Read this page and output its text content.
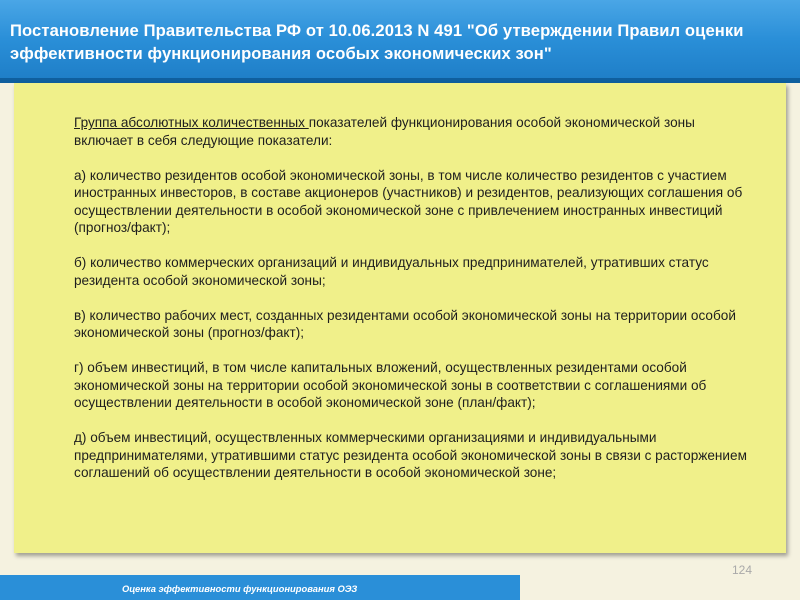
Постановление Правительства РФ от 10.06.2013 N 491 "Об утверждении Правил оценки
эффективности функционирования особых экономических зон"

Группа абсолютных количественных показателей функционирования особой экономической зоны включает в себя следующие показатели:

а) количество резидентов особой экономической зоны, в том числе количество резидентов с участием иностранных инвесторов, в составе акционеров (участников) и резидентов, реализующих соглашения об осуществлении деятельности в особой экономической зоне с привлечением иностранных инвестиций (прогноз/факт);

б) количество коммерческих организаций и индивидуальных предпринимателей, утративших статус резидента особой экономической зоны;

в) количество рабочих мест, созданных резидентами особой экономической зоны на территории особой экономической зоны (прогноз/факт);

г) объем инвестиций, в том числе капитальных вложений, осуществленных резидентами особой экономической зоны на территории особой экономической зоны в соответствии с соглашениями об осуществлении деятельности в особой экономической зоне (план/факт);

д) объем инвестиций, осуществленных коммерческими организациями и индивидуальными предпринимателями, утратившими статус резидента особой экономической зоны в связи с расторжением соглашений об осуществлении деятельности в особой экономической зоне;

124
Оценка эффективности функционирования ОЭЗ
